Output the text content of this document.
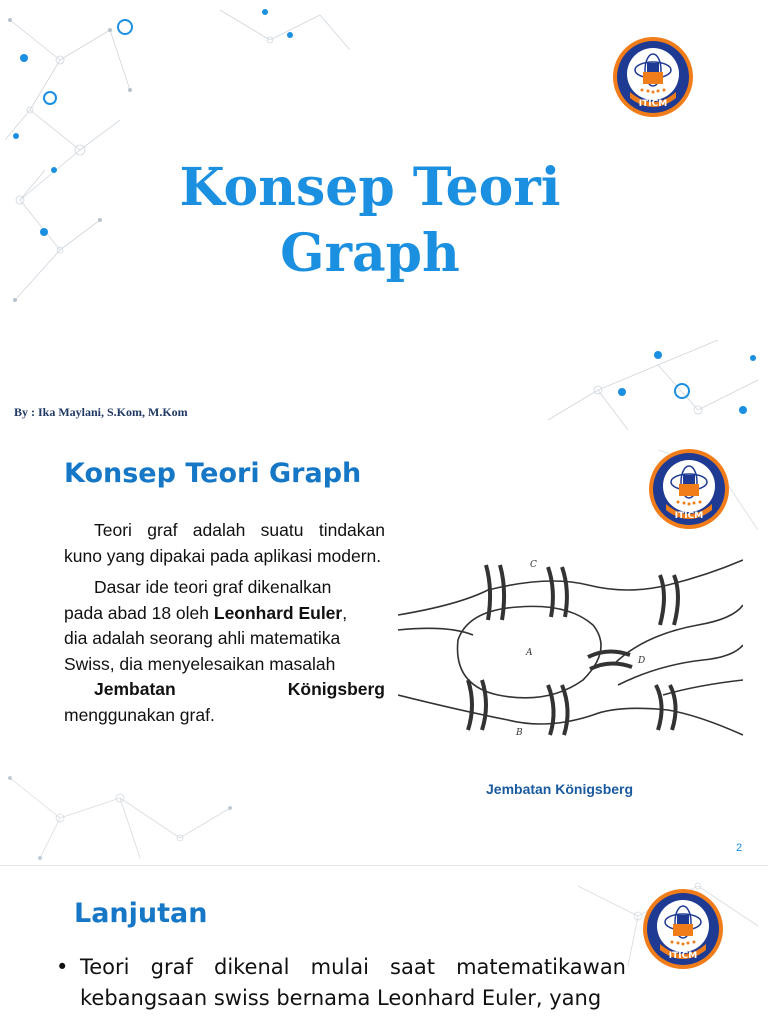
ITICM
Konsep Teori
Graph
By : Ika Maylani, S.Kom, M.Kom
ITICM
Konsep Teori Graph

Teori graf adalah suatu tindakan kuno yang dipakai pada aplikasi modern.

Dasar ide teori graf dikenalkan
pada abad 18 oleh Leonhard Euler,
dia adalah seorang ahli matematika
Swiss, dia menyelesaikan masalah

Jembatan	Königsberg
menggunakan graf.

C
A
D
B
Jembatan Königsberg
2
ITICM
Lanjutan
• Teori graf dikenal mulai saat matematikawan kebangsaan swiss bernama Leonhard Euler, yang
